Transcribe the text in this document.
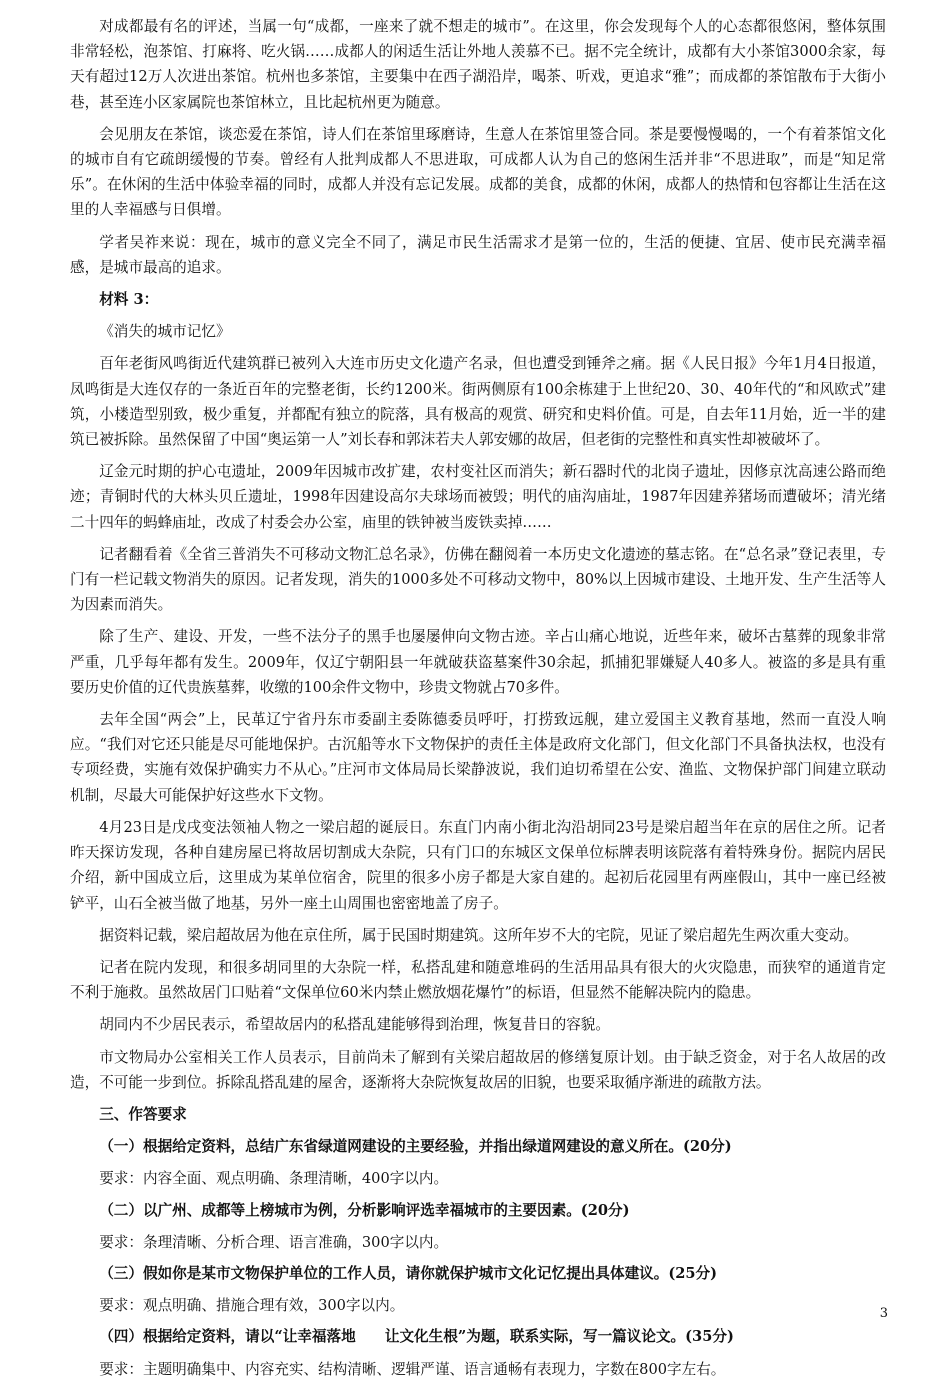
对成都最有名的评述，当属一句“成都，一座来了就不想走的城市”。在这里，你会发现每个人的心态都很悠闲，整体氛围非常轻松，泡茶馆、打麻将、吃火锅……成都人的闲适生活让外地人羡慕不已。据不完全统计，成都有大小茶馆3000余家，每天有超过12万人次进出茶馆。杭州也多茶馆，主要集中在西子湖沿岸，喝茶、听戏，更追求“雅”；而成都的茶馆散布于大街小巷，甚至连小区家属院也茶馆林立，且比起杭州更为随意。

会见朋友在茶馆，谈恋爱在茶馆，诗人们在茶馆里琢磨诗，生意人在茶馆里签合同。茶是要慢慢喝的，一个有着茶馆文化的城市自有它疏朗缓慢的节奏。曾经有人批判成都人不思进取，可成都人认为自己的悠闲生活并非“不思进取”，而是“知足常乐”。在休闲的生活中体验幸福的同时，成都人并没有忘记发展。成都的美食，成都的休闲，成都人的热情和包容都让生活在这里的人幸福感与日俱增。

学者吴祚来说：现在，城市的意义完全不同了，满足市民生活需求才是第一位的，生活的便捷、宜居、使市民充满幸福感，是城市最高的追求。

材料 3：

《消失的城市记忆》

百年老街风鸣街近代建筑群已被列入大连市历史文化遗产名录，但也遭受到锤斧之痛。据《人民日报》今年1月4日报道，凤鸣街是大连仅存的一条近百年的完整老街，长约1200米。街两侧原有100余栋建于上世纪20、30、40年代的“和风欧式”建筑，小楼造型别致，极少重复，并都配有独立的院落，具有极高的观赏、研究和史料价值。可是，自去年11月始，近一半的建筑已被拆除。虽然保留了中国“奥运第一人”刘长春和郭沫若夫人郭安娜的故居，但老街的完整性和真实性却被破坏了。

辽金元时期的护心屯遗址，2009年因城市改扩建，农村变社区而消失；新石器时代的北岗子遗址，因修京沈高速公路而绝迹；青铜时代的大林头贝丘遗址，1998年因建设高尔夫球场而被毁；明代的庙沟庙址，1987年因建养猪场而遭破坏；清光绪二十四年的蚂蜂庙址，改成了村委会办公室，庙里的铁钟被当废铁卖掉……

记者翻看着《全省三普消失不可移动文物汇总名录》，仿佛在翻阅着一本历史文化遗迹的墓志铭。在“总名录”登记表里，专门有一栏记载文物消失的原因。记者发现，消失的1000多处不可移动文物中，80%以上因城市建设、土地开发、生产生活等人为因素而消失。

除了生产、建设、开发，一些不法分子的黑手也屡屡伸向文物古迹。辛占山痛心地说，近些年来，破坏古墓葬的现象非常严重，几乎每年都有发生。2009年，仅辽宁朝阳县一年就破获盗墓案件30余起，抓捕犯罪嫌疑人40多人。被盗的多是具有重要历史价值的辽代贵族墓葬，收缴的100余件文物中，珍贵文物就占70多件。

去年全国“两会”上，民革辽宁省丹东市委副主委陈德委员呼吁，打捞致远舰，建立爱国主义教育基地，然而一直没人响应。“我们对它还只能是尽可能地保护。古沉船等水下文物保护的责任主体是政府文化部门，但文化部门不具备执法权，也没有专项经费，实施有效保护确实力不从心。”庄河市文体局局长梁静波说，我们迫切希望在公安、渔监、文物保护部门间建立联动机制，尽最大可能保护好这些水下文物。

4月23日是戊戌变法领袖人物之一梁启超的诞辰日。东直门内南小街北沟沿胡同23号是梁启超当年在京的居住之所。记者昨天探访发现，各种自建房屋已将故居切割成大杂院，只有门口的东城区文保单位标牌表明该院落有着特殊身份。据院内居民介绍，新中国成立后，这里成为某单位宿舍，院里的很多小房子都是大家自建的。起初后花园里有两座假山，其中一座已经被铲平，山石全被当做了地基，另外一座土山周围也密密地盖了房子。

据资料记载，梁启超故居为他在京住所，属于民国时期建筑。这所年岁不大的宅院，见证了梁启超先生两次重大变动。

记者在院内发现，和很多胡同里的大杂院一样，私搭乱建和随意堆码的生活用品具有很大的火灾隐患，而狭窄的通道肯定不利于施救。虽然故居门口贴着“文保单位60米内禁止燃放烟花爆竹”的标语，但显然不能解决院内的隐患。

胡同内不少居民表示，希望故居内的私搭乱建能够得到治理，恢复昔日的容貌。

市文物局办公室相关工作人员表示，目前尚未了解到有关梁启超故居的修缮复原计划。由于缺乏资金，对于名人故居的改造，不可能一步到位。拆除乱搭乱建的屋舍，逐渐将大杂院恢复故居的旧貌，也要采取循序渐进的疏散方法。

三、作答要求

（一）根据给定资料，总结广东省绿道网建设的主要经验，并指出绿道网建设的意义所在。(20分)

要求：内容全面、观点明确、条理清晰，400字以内。

（二）以广州、成都等上榜城市为例，分析影响评选幸福城市的主要因素。(20分)

要求：条理清晰、分析合理、语言准确，300字以内。

（三）假如你是某市文物保护单位的工作人员，请你就保护城市文化记忆提出具体建议。(25分)

要求：观点明确、措施合理有效，300字以内。

（四）根据给定资料，请以“让幸福落地　　让文化生根”为题，联系实际，写一篇议论文。(35分)

要求：主题明确集中、内容充实、结构清晰、逻辑严谨、语言通畅有表现力，字数在800字左右。

3
